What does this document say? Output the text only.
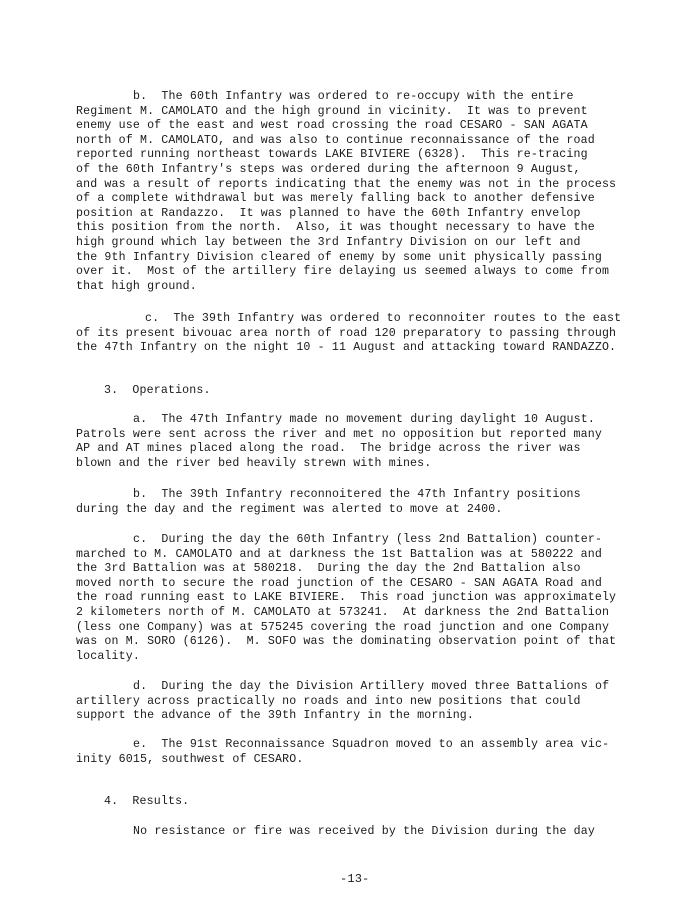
b.  The 60th Infantry was ordered to re-occupy with the entire
Regiment M. CAMOLATO and the high ground in vicinity.  It was to prevent
enemy use of the east and west road crossing the road CESARO - SAN AGATA
north of M. CAMOLATO, and was also to continue reconnaissance of the road
reported running northeast towards LAKE BIVIERE (6328).  This re-tracing
of the 60th Infantry's steps was ordered during the afternoon 9 August,
and was a result of reports indicating that the enemy was not in the process
of a complete withdrawal but was merely falling back to another defensive
position at Randazzo.  It was planned to have the 60th Infantry envelop
this position from the north.  Also, it was thought necessary to have the
high ground which lay between the 3rd Infantry Division on our left and
the 9th Infantry Division cleared of enemy by some unit physically passing
over it.  Most of the artillery fire delaying us seemed always to come from
that high ground.
c.  The 39th Infantry was ordered to reconnoiter routes to the east
of its present bivouac area north of road 120 preparatory to passing through
the 47th Infantry on the night 10 - 11 August and attacking toward RANDAZZO.
3.  Operations.
a.  The 47th Infantry made no movement during daylight 10 August.
Patrols were sent across the river and met no opposition but reported many
AP and AT mines placed along the road.  The bridge across the river was
blown and the river bed heavily strewn with mines.
b.  The 39th Infantry reconnoitered the 47th Infantry positions
during the day and the regiment was alerted to move at 2400.
c.  During the day the 60th Infantry (less 2nd Battalion) counter-
marched to M. CAMOLATO and at darkness the 1st Battalion was at 580222 and
the 3rd Battalion was at 580218.  During the day the 2nd Battalion also
moved north to secure the road junction of the CESARO - SAN AGATA Road and
the road running east to LAKE BIVIERE.  This road junction was approximately
2 kilometers north of M. CAMOLATO at 573241.  At darkness the 2nd Battalion
(less one Company) was at 575245 covering the road junction and one Company
was on M. SORO (6126).  M. SOFO was the dominating observation point of that
locality.
d.  During the day the Division Artillery moved three Battalions of
artillery across practically no roads and into new positions that could
support the advance of the 39th Infantry in the morning.
e.  The 91st Reconnaissance Squadron moved to an assembly area vic-
inity 6015, southwest of CESARO.
4.  Results.
No resistance or fire was received by the Division during the day
-13-
